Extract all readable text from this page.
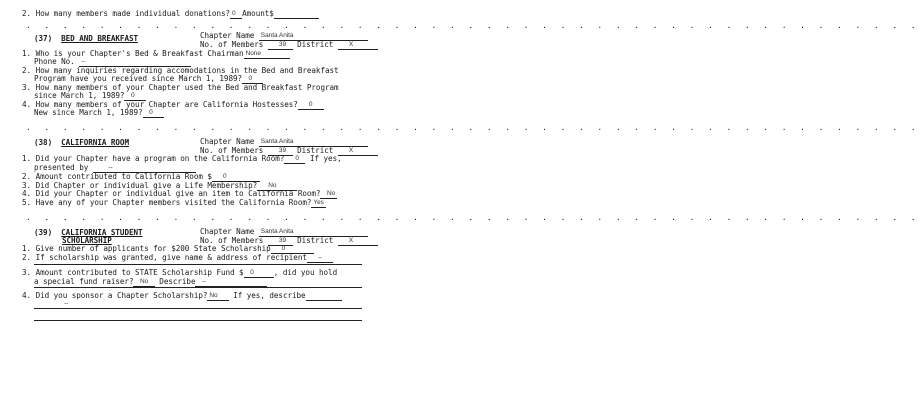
2. How many members made individual donations? 0 Amount$

. . . . . . . . . . . . . . . . . . . . . . . . . . . . . . . . . . . . . . . . . . . . . . . . .
(37) BED AND BREAKFAST	Chapter Name Santa Anita
No. of Members 39 District X
1. Who is your Chapter's Bed & Breakfast Chairman None
Phone No. --
2. How many inquiries regarding accomodations in the Bed and Breakfast
Program have you received since March 1, 1989? 0
3. How many members of your Chapter used the Bed and Breakfast Program
since March 1, 1989? 0
4. How many members of your Chapter are California Hostesses? 0
New since March 1, 1989? 0
. . . . . . . . . . . . . . . . . . . . . . . . . . . . . . . . . . . . . . . . . . . . . . . . .
(38) CALIFORNIA ROOM	Chapter Name Santa Anita
No. of Members 39 District X
1. Did your Chapter have a program on the California Room? 0 If yes,
presented by	--
2. Amount contributed to California Room $ 0
3. Did Chapter or individual give a Life Membership? No
4. Did your Chapter or individual give an item to California Room? No
5. Have any of your Chapter members visited the California Room? Yes
. . . . . . . . . . . . . . . . . . . . . . . . . . . . . . . . . . . . . . . . . . . . . . . . .
(39) CALIFORNIA STUDENT
SCHOLARSHIP
Chapter Name Santa Anita
No. of Members 39 District X
1. Give number of applicants for $200 State Scholarship 0
2. If scholarship was granted, give name & address of recipient --
3. Amount contributed to STATE Scholarship Fund $ 0	, did you hold
a special fund raiser? No Describe --
4. Did you sponsor a Chapter Scholarship? No If yes, describe
--
